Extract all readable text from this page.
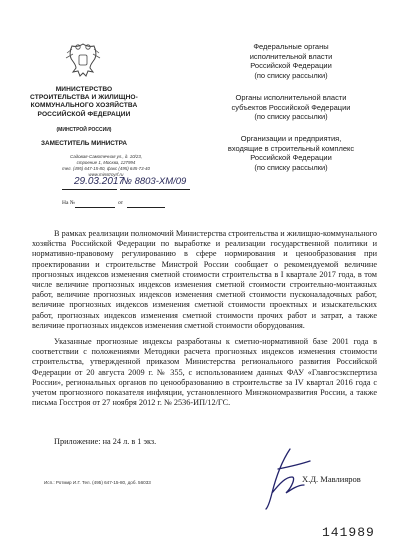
МИНИСТЕРСТВО
СТРОИТЕЛЬСТВА И ЖИЛИЩНО-
КОММУНАЛЬНОГО ХОЗЯЙСТВА
РОССИЙСКОЙ ФЕДЕРАЦИИ
(МИНСТРОЙ РОССИИ)
ЗАМЕСТИТЕЛЬ МИНИСТРА
Садовая-Самотечная ул., д. 10/23,
строение 1, Москва, 127994
тел. (495) 647-15-80, факс (495) 645-73-40
www.minstroyrf.ru
29.03.2017
№ 8803-ХМ/09
На №	от
Федеральные органы
исполнительной власти
Российской Федерации
(по списку рассылки)
Органы исполнительной власти
субъектов Российской Федерации
(по списку рассылки)
Организации и предприятия,
входящие в строительный комплекс
Российской Федерации
(по списку рассылки)
В рамках реализации полномочий Министерства строительства и жилищно-коммунального хозяйства Российской Федерации по выработке и реализации государственной политики и нормативно-правовому регулированию в сфере нормирования и ценообразования при проектировании и строительстве Минстрой России сообщает о рекомендуемой величине прогнозных индексов изменения сметной стоимости строительства в I квартале 2017 года, в том числе величине прогнозных индексов изменения сметной стоимости строительно-монтажных работ, величине прогнозных индексов изменения сметной стоимости пусконаладочных работ, величине прогнозных индексов изменения сметной стоимости проектных и изыскательских работ, прогнозных индексов изменения сметной стоимости прочих работ и затрат, а также величине прогнозных индексов изменения сметной стоимости оборудования.
Указанные прогнозные индексы разработаны к сметно-нормативной базе 2001 года в соответствии с положениями Методики расчета прогнозных индексов изменения стоимости строительства, утвержденной приказом Министерства регионального развития Российской Федерации от 20 августа 2009 г. № 355, с использованием данных ФАУ «Главгосэкспертиза России», региональных органов по ценообразованию в строительстве за IV квартал 2016 года с учетом прогнозного показателя инфляции, установленного Минэкономразвития России, а также письма Госстроя от 27 ноября 2012 г. № 2536-ИП/12/ГС.
Приложение: на 24 л. в 1 экз.
Х.Д. Мавлияров
Исп.: Ротмир И.Г. Тел. (495) 647-15-80, доб. 56033
141989
